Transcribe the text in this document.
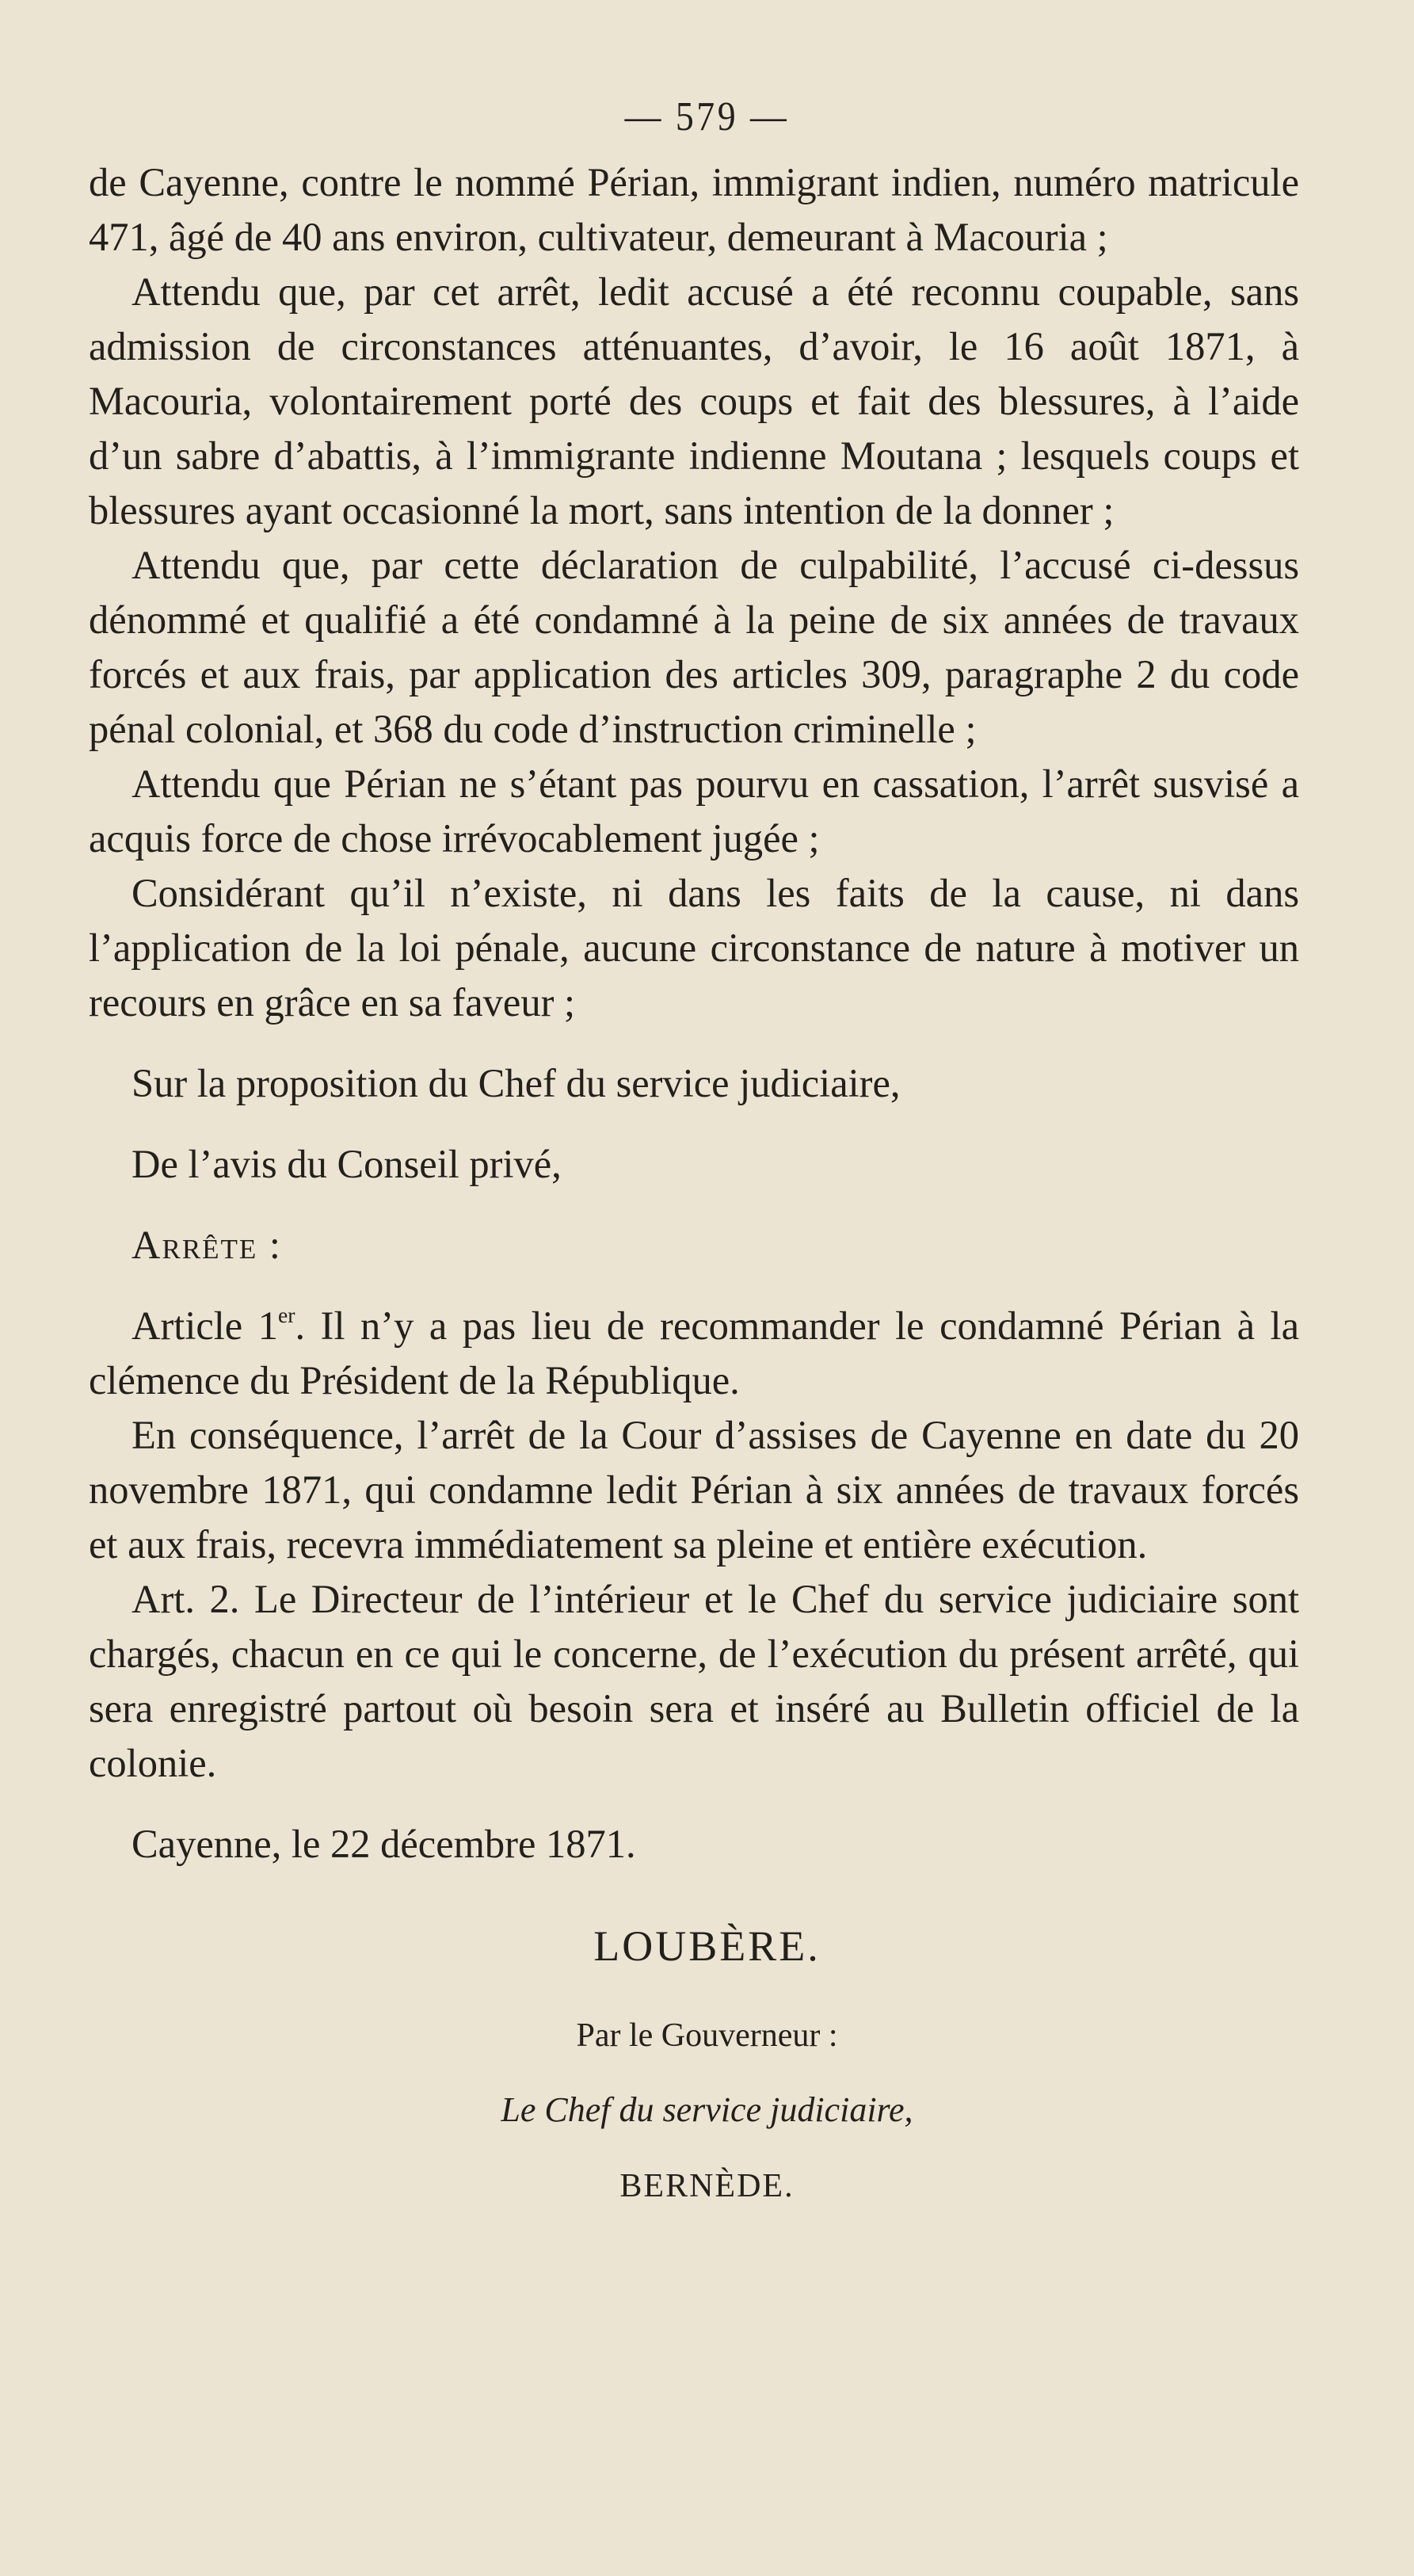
— 579 —

de Cayenne, contre le nommé Périan, immigrant indien, numéro matricule 471, âgé de 40 ans environ, cultivateur, demeurant à Macouria ;

Attendu que, par cet arrêt, ledit accusé a été reconnu coupable, sans admission de circonstances atténuantes, d’avoir, le 16 août 1871, à Macouria, volontairement porté des coups et fait des blessures, à l’aide d’un sabre d’abattis, à l’immigrante indienne Moutana ; lesquels coups et blessures ayant occasionné la mort, sans intention de la donner ;

Attendu que, par cette déclaration de culpabilité, l’accusé ci-dessus dénommé et qualifié a été condamné à la peine de six années de travaux forcés et aux frais, par application des articles 309, paragraphe 2 du code pénal colonial, et 368 du code d’instruction criminelle ;

Attendu que Périan ne s’étant pas pourvu en cassation, l’arrêt susvisé a acquis force de chose irrévocablement jugée ;

Considérant qu’il n’existe, ni dans les faits de la cause, ni dans l’application de la loi pénale, aucune circonstance de nature à motiver un recours en grâce en sa faveur ;

Sur la proposition du Chef du service judiciaire,

De l’avis du Conseil privé,

Arrête :

Article 1er. Il n’y a pas lieu de recommander le condamné Périan à la clémence du Président de la République.

En conséquence, l’arrêt de la Cour d’assises de Cayenne en date du 20 novembre 1871, qui condamne ledit Périan à six années de travaux forcés et aux frais, recevra immédiatement sa pleine et entière exécution.

Art. 2. Le Directeur de l’intérieur et le Chef du service judiciaire sont chargés, chacun en ce qui le concerne, de l’exécution du présent arrêté, qui sera enregistré partout où besoin sera et inséré au Bulletin officiel de la colonie.

Cayenne, le 22 décembre 1871.

LOUBÈRE.
Par le Gouverneur :
Le Chef du service judiciaire,
BERNÈDE.
